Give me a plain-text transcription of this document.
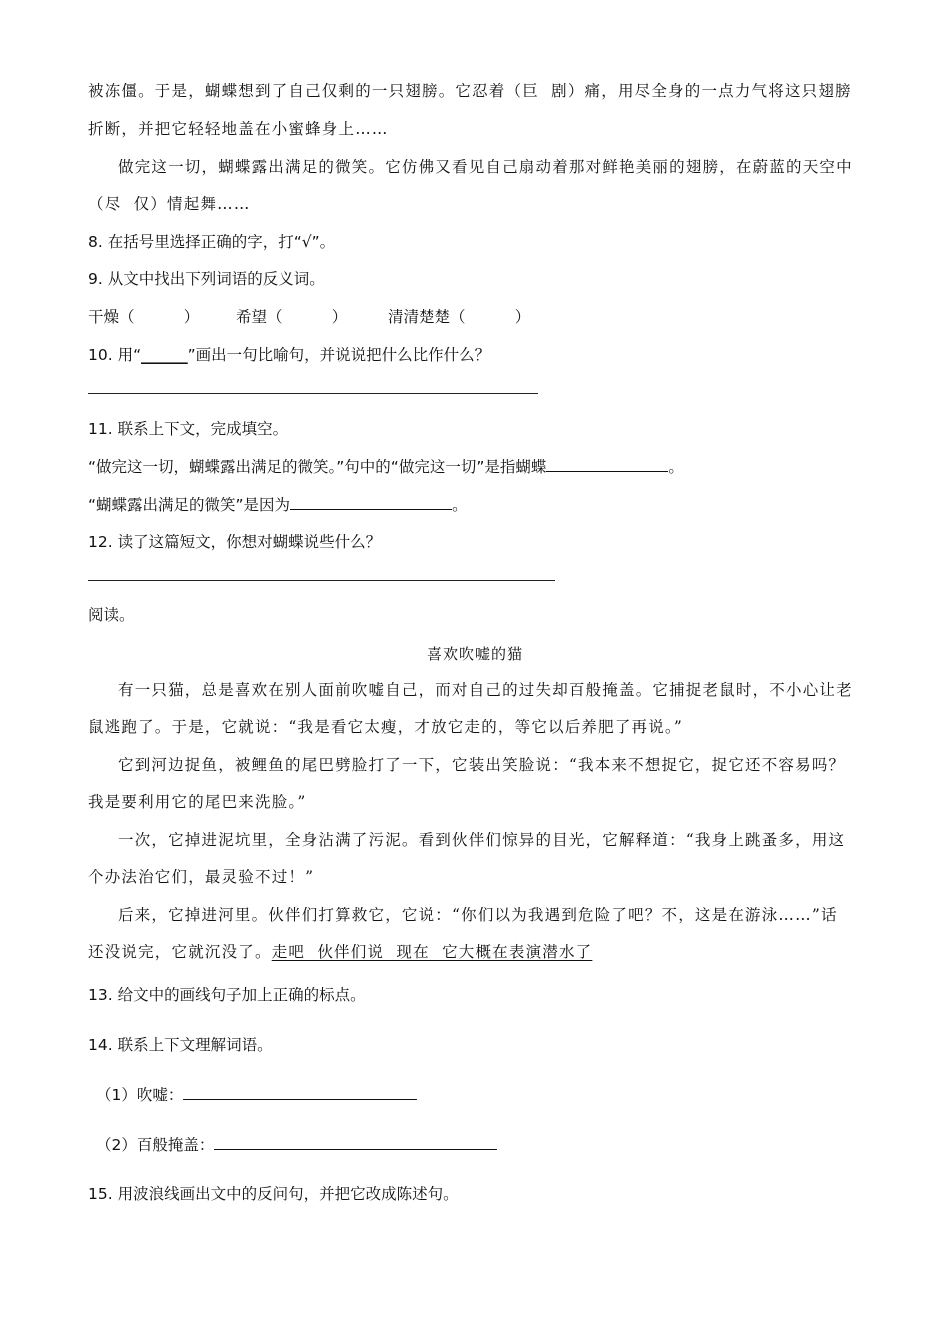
被冻僵。于是，蝴蝶想到了自己仅剩的一只翅膀。它忍着（巨  剧）痛，用尽全身的一点力气将这只翅膀
折断，并把它轻轻地盖在小蜜蜂身上……
做完这一切，蝴蝶露出满足的微笑。它仿佛又看见自己扇动着那对鲜艳美丽的翅膀，在蔚蓝的天空中
（尽  仅）情起舞……
8. 在括号里选择正确的字，打“√”。
9. 从文中找出下列词语的反义词。
干燥（          ） 希望（          ）	清清楚楚（          ）
10. 用“______”画出一句比喻句，并说说把什么比作什么？
11. 联系上下文，完成填空。
“做完这一切，蝴蝶露出满足的微笑。”句中的“做完这一切”是指蝴蝶	。
“蝴蝶露出满足的微笑”是因为	。
12. 读了这篇短文，你想对蝴蝶说些什么？
阅读。
喜欢吹嘘的猫
有一只猫，总是喜欢在别人面前吹嘘自己，而对自己的过失却百般掩盖。它捕捉老鼠时，不小心让老
鼠逃跑了。于是，它就说：“我是看它太瘦，才放它走的，等它以后养肥了再说。”
它到河边捉鱼，被鲤鱼的尾巴劈脸打了一下，它装出笑脸说：“我本来不想捉它，捉它还不容易吗？
我是要利用它的尾巴来洗脸。”
一次，它掉进泥坑里，全身沾满了污泥。看到伙伴们惊异的目光，它解释道：“我身上跳蚤多，用这
个办法治它们，最灵验不过！”
后来，它掉进河里。伙伴们打算救它，它说：“你们以为我遇到危险了吧？不，这是在游泳……”话
还没说完，它就沉没了。走吧  伙伴们说  现在  它大概在表演潜水了
13. 给文中的画线句子加上正确的标点。
14. 联系上下文理解词语。
（1）吹嘘：
（2）百般掩盖：
15. 用波浪线画出文中的反问句，并把它改成陈述句。
